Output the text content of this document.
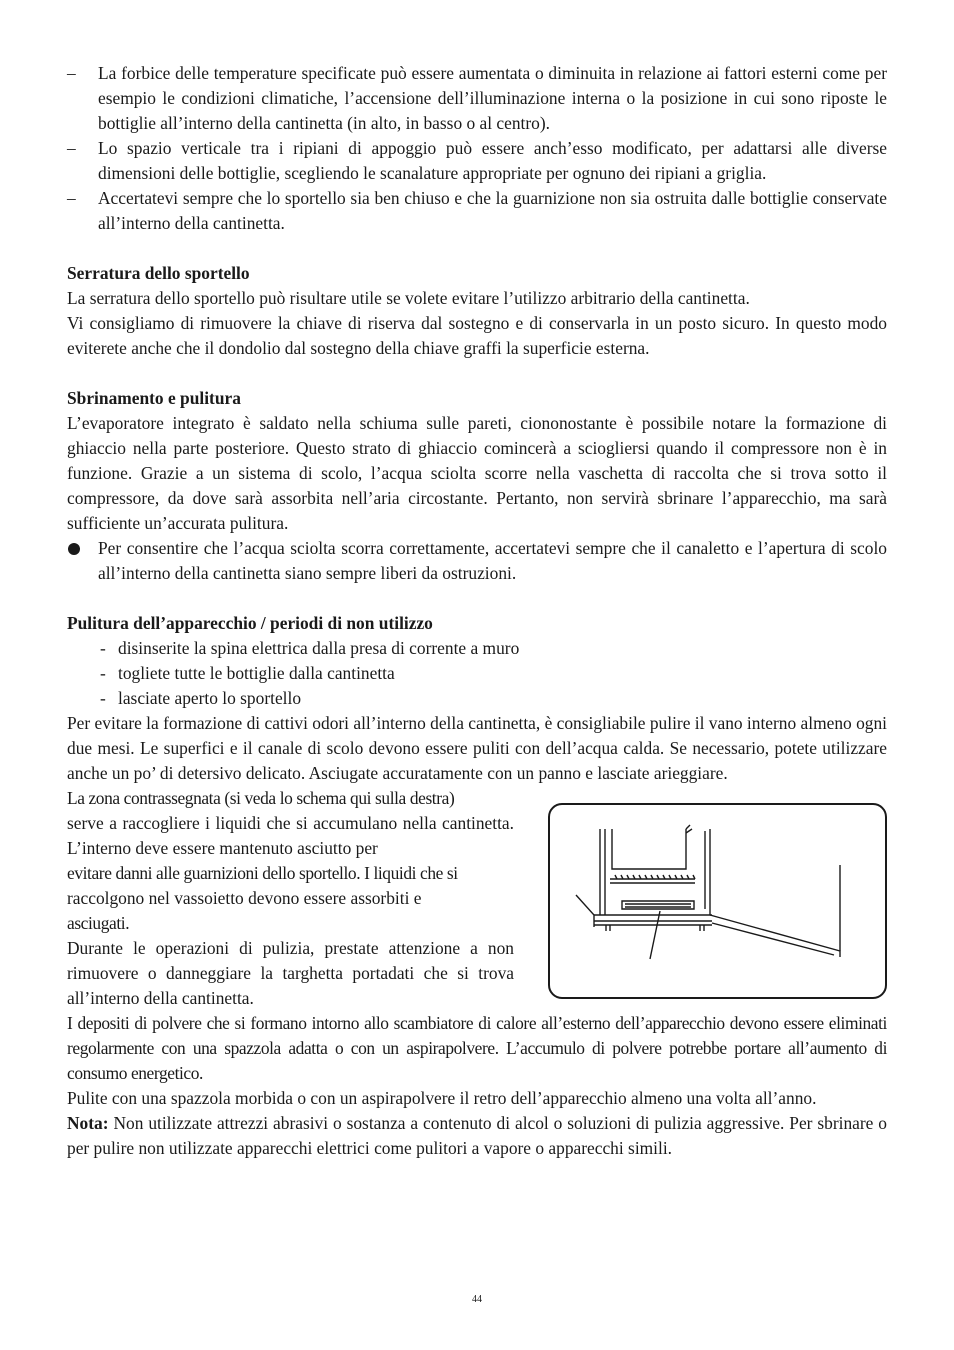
– La forbice delle temperature specificate può essere aumentata o diminuita in relazione ai fattori esterni come per esempio le condizioni climatiche, l’accensione dell’illuminazione interna o la posizione in cui sono riposte le bottiglie all’interno della cantinetta (in alto, in basso o al centro).
– Lo spazio verticale tra i ripiani di appoggio può essere anch’esso modificato, per adattarsi alle diverse dimensioni delle bottiglie, scegliendo le scanalature appropriate per ognuno dei ripiani a griglia.
– Accertatevi sempre che lo sportello sia ben chiuso e che la guarnizione non sia ostruita dalle bottiglie conservate all’interno della cantinetta.

Serratura dello sportello

La serratura dello sportello può risultare utile se volete evitare l’utilizzo arbitrario della cantinetta.

Vi consigliamo di rimuovere la chiave di riserva dal sostegno e di conservarla in un posto sicuro. In questo modo eviterete anche che il dondolio dal sostegno della chiave graffi la superficie esterna.

Sbrinamento e pulitura

L’evaporatore integrato è saldato nella schiuma sulle pareti, ciononostante è possibile notare la formazione di ghiaccio nella parte posteriore. Questo strato di ghiaccio comincerà a sciogliersi quando il compressore non è in funzione. Grazie a un sistema di scolo, l’acqua sciolta scorre nella vaschetta di raccolta che si trova sotto il compressore, da dove sarà assorbita nell’aria circostante. Pertanto, non servirà sbrinare l’apparecchio, ma sarà sufficiente un’accurata pulitura.

Per consentire che l’acqua sciolta scorra correttamente, accertatevi sempre che il canaletto e l’apertura di scolo all’interno della cantinetta siano sempre liberi da ostruzioni.

Pulitura dell’apparecchio / periodi di non utilizzo

- disinserite la spina elettrica dalla presa di corrente a muro
- togliete tutte le bottiglie dalla cantinetta
- lasciate aperto lo sportello

Per evitare la formazione di cattivi odori all’interno della cantinetta, è consigliabile pulire il vano interno almeno ogni due mesi. Le superfici e il canale di scolo devono essere puliti con dell’acqua calda. Se necessario, potete utilizzare anche un po’ di detersivo delicato. Asciugate accuratamente con un panno e lasciate arieggiare.

La zona contrassegnata (si veda lo schema qui sulla destra)

serve a raccogliere i liquidi che si accumulano nella cantinetta. L’interno deve essere mantenuto asciutto per

evitare danni alle guarnizioni dello sportello. I liquidi che si

raccolgono nel vassoietto devono essere assorbiti e

asciugati.

Durante le operazioni di pulizia, prestate attenzione a non rimuovere o danneggiare la targhetta portadati che si trova all’interno della cantinetta.

I depositi di polvere che si formano intorno allo scambiatore di calore all’esterno dell’apparecchio devono essere eliminati regolarmente con una spazzola adatta o con un aspirapolvere. L’accumulo di polvere potrebbe portare all’aumento di consumo energetico.

Pulite con una spazzola morbida o con un aspirapolvere il retro dell’apparecchio almeno una volta all’anno.

Nota: Non utilizzate attrezzi abrasivi o sostanza a contenuto di alcol o soluzioni di pulizia aggressive. Per sbrinare o per pulire non utilizzate apparecchi elettrici come pulitori a vapore o apparecchi simili.

44
